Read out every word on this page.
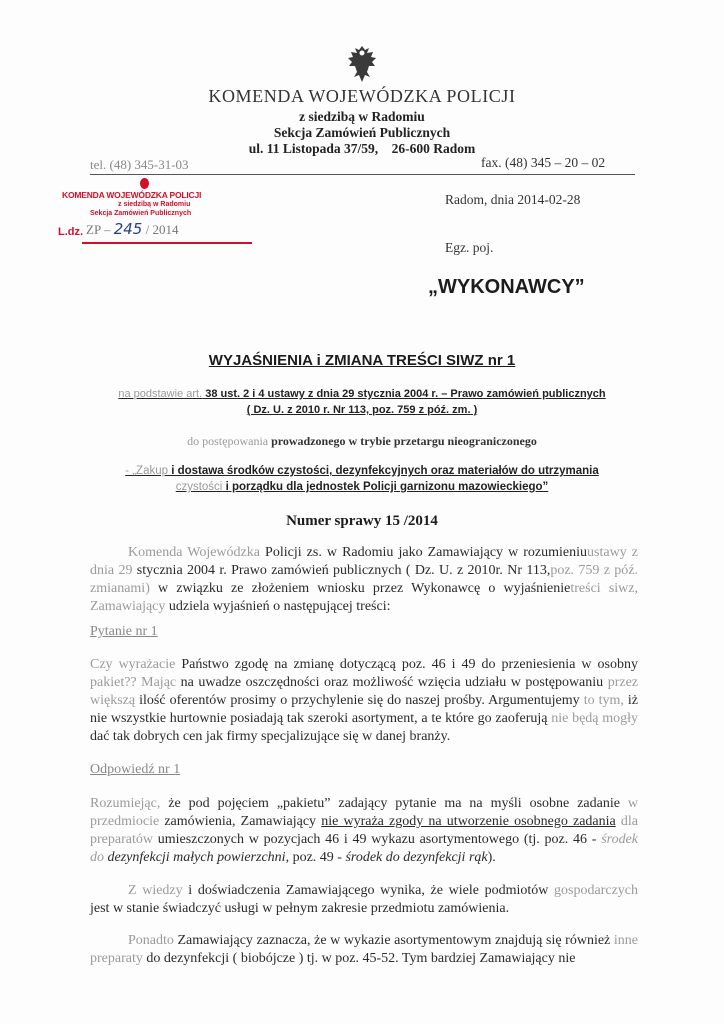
KOMENDA WOJEWÓDZKA POLICJI
z siedzibą w Radomiu
Sekcja Zamówień Publicznych
ul. 11 Listopada 37/59, 26-600 Radom
tel. (48) 345-31-03	fax. (48) 345 – 20 – 02
KOMENDA WOJEWÓDZKA POLICJI
z siedzibą w Radomiu
Sekcja Zamówień Publicznych
L.dz. ZP – 245 / 2014
Radom, dnia 2014-02-28
Egz. poj.
„WYKONAWCY”
WYJAŚNIENIA i ZMIANA TREŚCI SIWZ nr 1
na podstawie art. 38 ust. 2 i 4 ustawy z dnia 29 stycznia 2004 r. – Prawo zamówień publicznych
( Dz. U. z 2010 r. Nr 113, poz. 759 z póź. zm. )
do postępowania prowadzonego w trybie przetargu nieograniczonego
- „Zakup i dostawa środków czystości, dezynfekcyjnych oraz materiałów do utrzymania
czystości i porządku dla jednostek Policji garnizonu mazowieckiego”
Numer sprawy 15 /2014

Komenda Wojewódzka Policji zs. w Radomiu jako Zamawiający w rozumieniuustawy z dnia 29 stycznia 2004 r. Prawo zamówień publicznych ( Dz. U. z 2010r. Nr 113,poz. 759 z póź. zmianami) w związku ze złożeniem wniosku przez Wykonawcę o wyjaśnienietreści siwz, Zamawiający udziela wyjaśnień o następującej treści:

Pytanie nr 1

Czy wyrażacie Państwo zgodę na zmianę dotyczącą poz. 46 i 49 do przeniesienia w osobny pakiet?? Mając na uwadze oszczędności oraz możliwość wzięcia udziału w postępowaniu przez większą ilość oferentów prosimy o przychylenie się do naszej prośby. Argumentujemy to tym, iż nie wszystkie hurtownie posiadają tak szeroki asortyment, a te które go zaoferują nie będą mogły dać tak dobrych cen jak firmy specjalizujące się w danej branży.

Odpowiedź nr 1

Rozumiejąc, że pod pojęciem „pakietu” zadający pytanie ma na myśli osobne zadanie w przedmiocie zamówienia, Zamawiający nie wyraża zgody na utworzenie osobnego zadania dla preparatów umieszczonych w pozycjach 46 i 49 wykazu asortymentowego (tj. poz. 46 - środek do dezynfekcji małych powierzchni, poz. 49 - środek do dezynfekcji rąk).

Z wiedzy i doświadczenia Zamawiającego wynika, że wiele podmiotów gospodarczych jest w stanie świadczyć usługi w pełnym zakresie przedmiotu zamówienia.

Ponadto Zamawiający zaznacza, że w wykazie asortymentowym znajdują się również inne preparaty do dezynfekcji ( biobójcze ) tj. w poz. 45-52. Tym bardziej Zamawiający nie
